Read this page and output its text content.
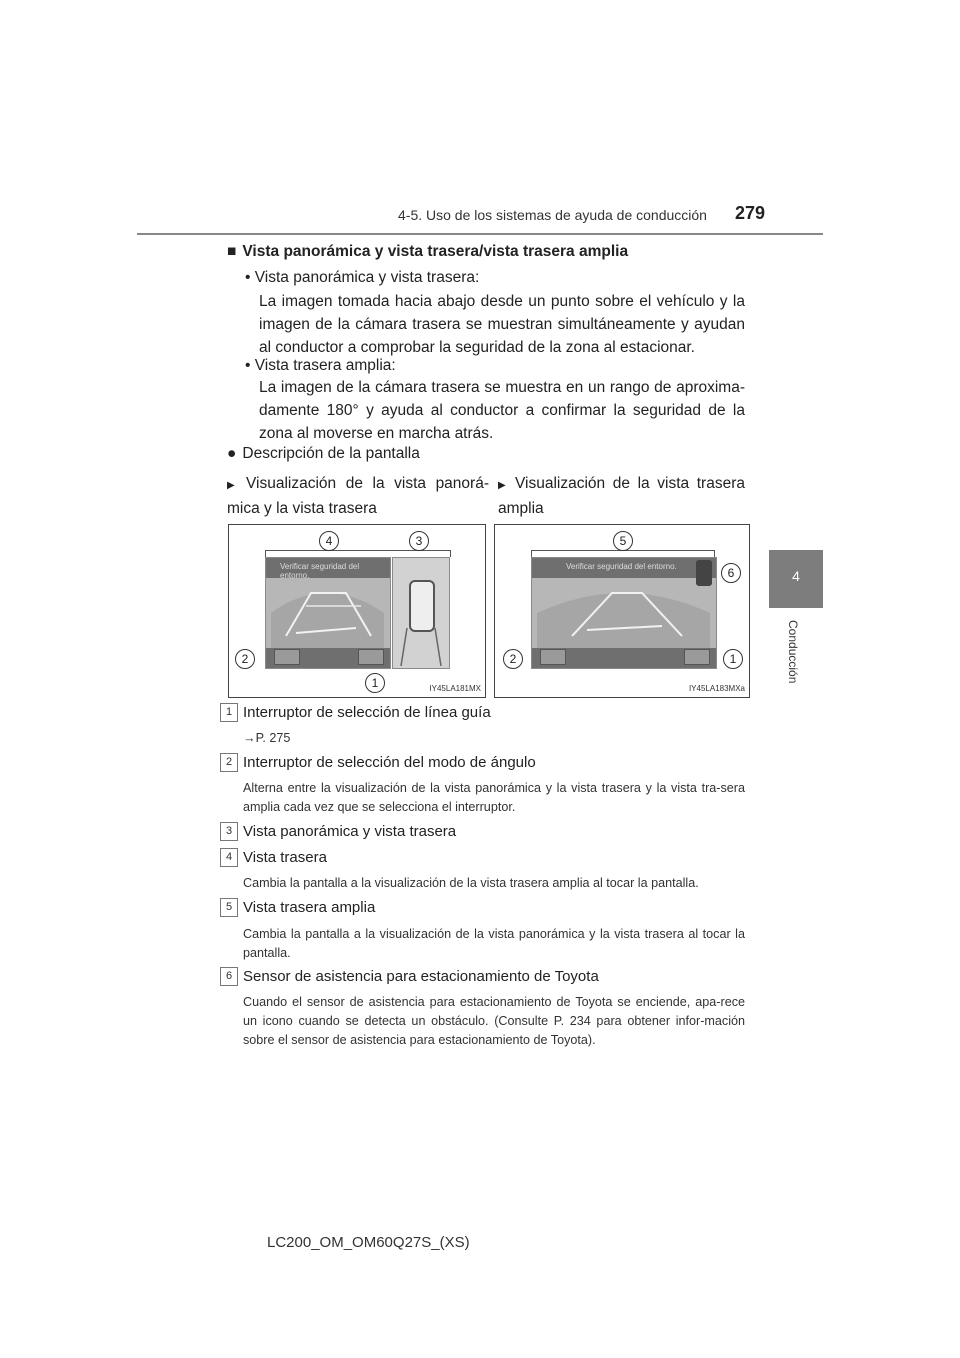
4-5. Uso de los sistemas de ayuda de conducción 279
4
Conducción
■ Vista panorámica y vista trasera/vista trasera amplia
• Vista panorámica y vista trasera:
La imagen tomada hacia abajo desde un punto sobre el vehículo y la imagen de la cámara trasera se muestran simultáneamente y ayudan al conductor a comprobar la seguridad de la zona al estacionar.
• Vista trasera amplia:
La imagen de la cámara trasera se muestra en un rango de aproxima-damente 180° y ayuda al conductor a confirmar la seguridad de la zona al moverse en marcha atrás.
● Descripción de la pantalla
▶ Visualización de la vista panorá-mica y la vista trasera
▶ Visualización de la vista trasera amplia
Verificar seguridad del entorno.
4	3
2
1	IY45LA181MX
Verificar seguridad del entorno.
5
6
2	1
IY45LA183MXa
1 Interruptor de selección de línea guía
→P. 275
2 Interruptor de selección del modo de ángulo
Alterna entre la visualización de la vista panorámica y la vista trasera y la vista tra-sera amplia cada vez que se selecciona el interruptor.
3 Vista panorámica y vista trasera
4 Vista trasera
Cambia la pantalla a la visualización de la vista trasera amplia al tocar la pantalla.
5 Vista trasera amplia
Cambia la pantalla a la visualización de la vista panorámica y la vista trasera al tocar la pantalla.
6 Sensor de asistencia para estacionamiento de Toyota
Cuando el sensor de asistencia para estacionamiento de Toyota se enciende, apa-rece un icono cuando se detecta un obstáculo. (Consulte P. 234 para obtener infor-mación sobre el sensor de asistencia para estacionamiento de Toyota).
LC200_OM_OM60Q27S_(XS)
